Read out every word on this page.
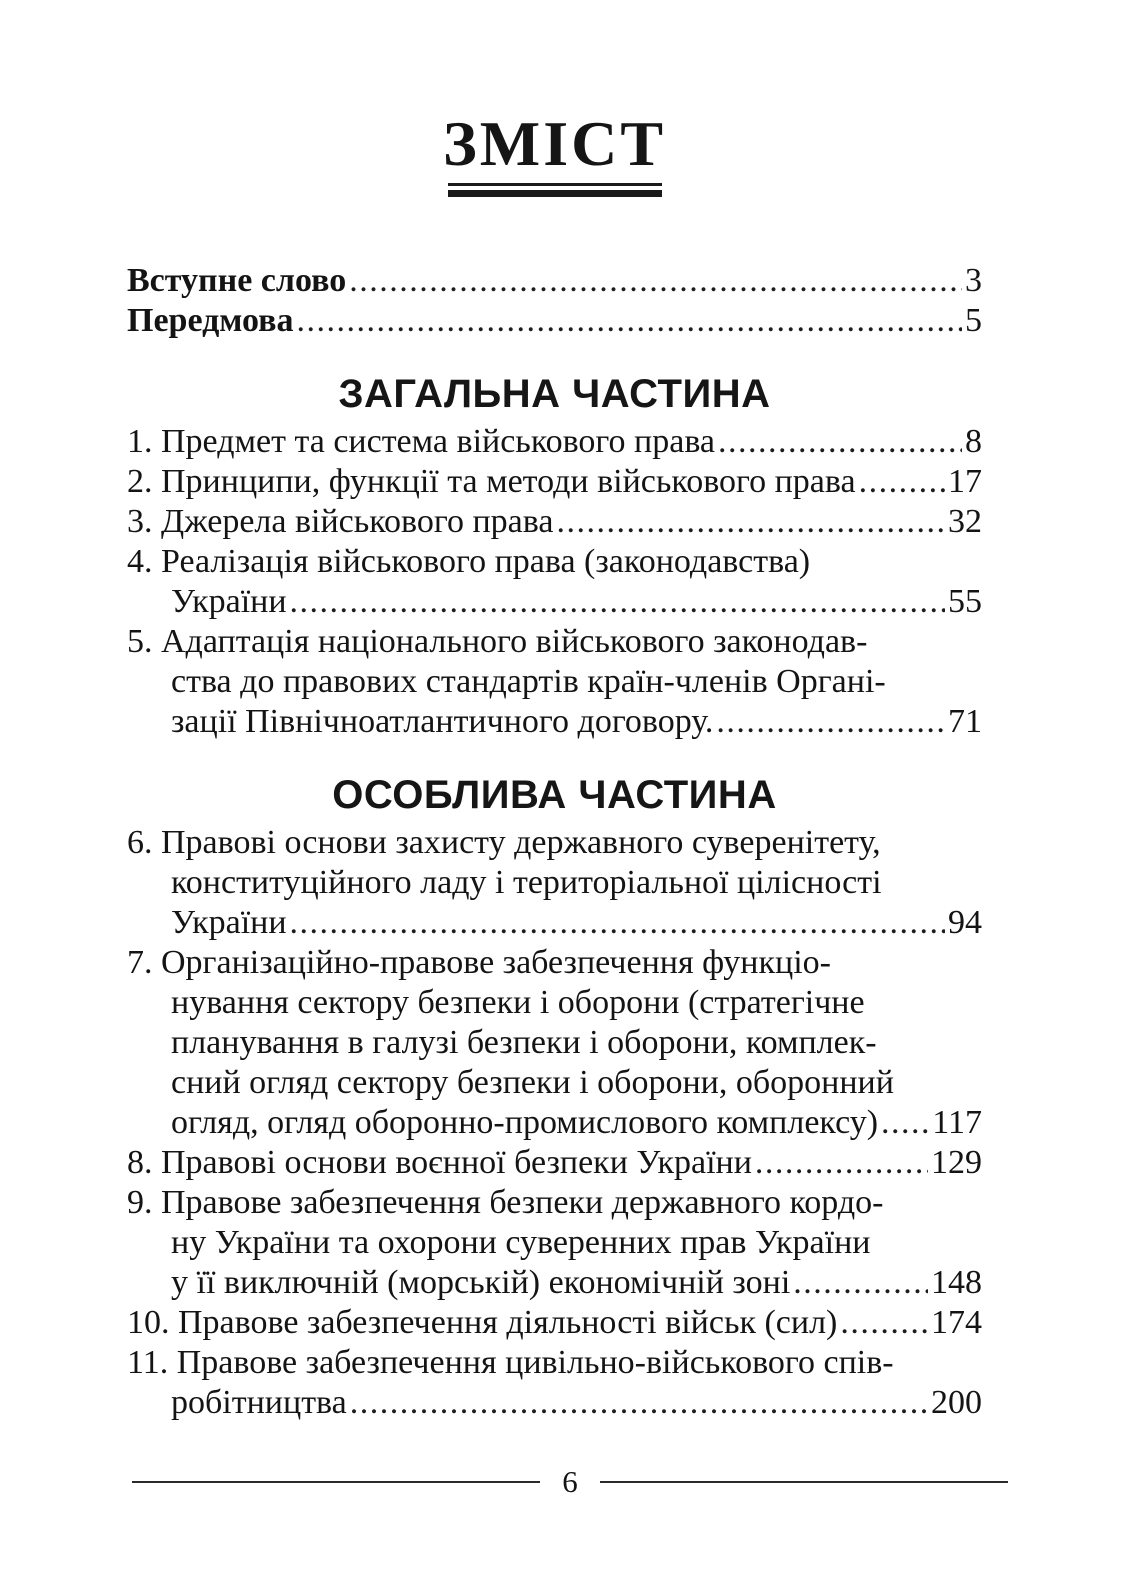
ЗМІСТ
Вступне слово .....	3
Передмова .....	5
ЗАГАЛЬНА ЧАСТИНА
1. Предмет та система військового права .....	8
2. Принципи, функції та методи військового права .....	17
3. Джерела військового права .....	32
4. Реалізація військового права (законодавства)
України .....	55
5. Адаптація національного військового законодав-
ства до правових стандартів країн-членів Органі-
зації Північноатлантичного договору. .....	71
ОСОБЛИВА ЧАСТИНА
6. Правові основи захисту державного суверенітету,
конституційного ладу і територіальної цілісності
України .....	94
7. Організаційно-правове забезпечення функціо-
нування сектору безпеки і оборони (стратегічне
планування в галузі безпеки і оборони, комплек-
сний огляд сектору безпеки і оборони, оборонний
огляд, огляд оборонно-промислового комплексу) ..... 117
8. Правові основи воєнної безпеки України .....	129
9. Правове забезпечення безпеки державного кордо-
ну України та охорони суверенних прав України
у її виключній (морській) економічній зоні .....	148
10. Правове забезпечення діяльності військ (сил) .....	174
11. Правове забезпечення цивільно-військового спів-
робітництва .....	200
6
